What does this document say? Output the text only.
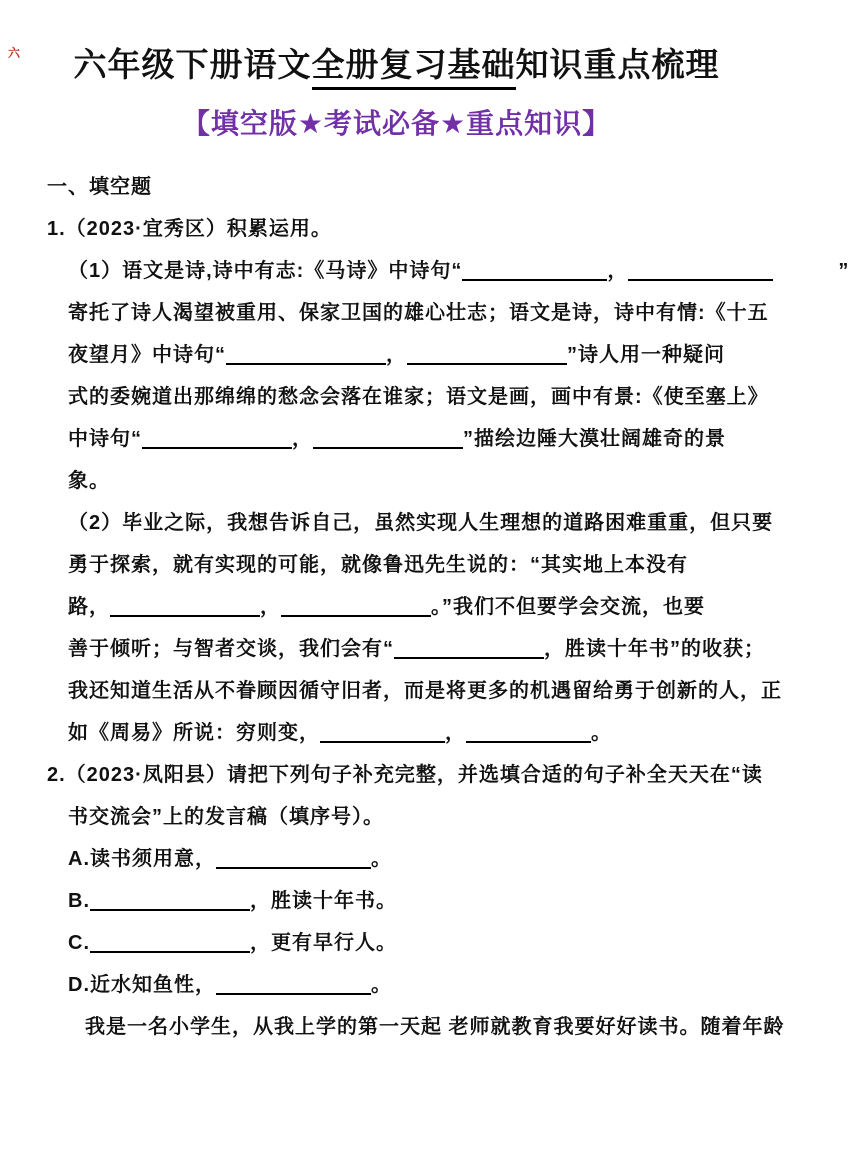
六	六年级下册语文全册复习基础知识重点梳理
【填空版★考试必备★重点知识】
一、填空题
1.（2023·宜秀区）积累运用。
（1）语文是诗,诗中有志:《马诗》中诗句“	，	”
寄托了诗人渴望被重用、保家卫国的雄心壮志；语文是诗，诗中有情:《十五
夜望月》中诗句“	，	”诗人用一种疑问
式的委婉道出那绵绵的愁念会落在谁家；语文是画，画中有景:《使至塞上》
中诗句“	，	”描绘边陲大漠壮阔雄奇的景
象。
（2）毕业之际，我想告诉自己，虽然实现人生理想的道路困难重重，但只要
勇于探索，就有实现的可能，就像鲁迅先生说的：“其实地上本没有
路，	，	。”我们不但要学会交流，也要
善于倾听；与智者交谈，我们会有“	，胜读十年书”的收获；
我还知道生活从不眷顾因循守旧者，而是将更多的机遇留给勇于创新的人，正
如《周易》所说：穷则变，	，	。
2.（2023·凤阳县）请把下列句子补充完整，并选填合适的句子补全天天在“读
书交流会”上的发言稿（填序号）。
A.读书须用意，	。
B.	，胜读十年书。
C.	，更有早行人。
D.近水知鱼性，	。
我是一名小学生，从我上学的第一天起 老师就教育我要好好读书。随着年龄
